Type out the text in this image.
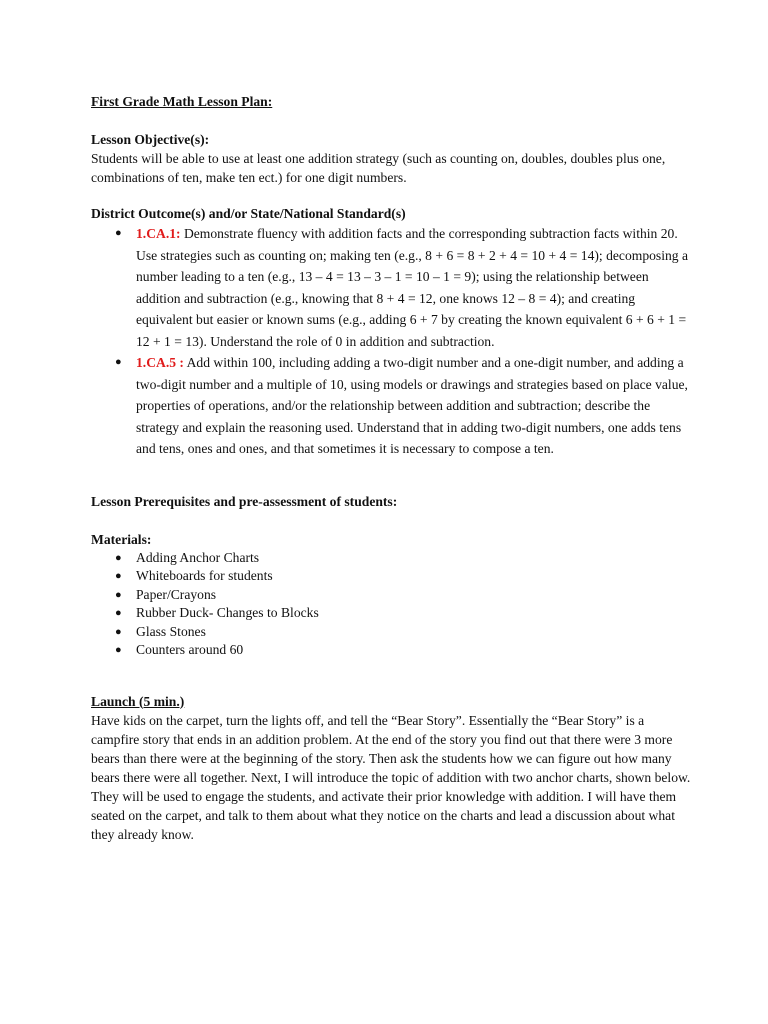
First Grade Math Lesson Plan:

Lesson Objective(s):

Students will be able to use at least one addition strategy (such as counting on, doubles, doubles plus one, combinations of ten, make ten ect.) for one digit numbers.

District Outcome(s) and/or State/National Standard(s)

● 1.CA.1: Demonstrate fluency with addition facts and the corresponding subtraction facts within 20. Use strategies such as counting on; making ten (e.g., 8 + 6 = 8 + 2 + 4 = 10 + 4 = 14); decomposing a number leading to a ten (e.g., 13 – 4 = 13 – 3 – 1 = 10 – 1 = 9); using the relationship between addition and subtraction (e.g., knowing that 8 + 4 = 12, one knows 12 – 8 = 4); and creating equivalent but easier or known sums (e.g., adding 6 + 7 by creating the known equivalent 6 + 6 + 1 = 12 + 1 = 13). Understand the role of 0 in addition and subtraction.
● 1.CA.5 : Add within 100, including adding a two-digit number and a one-digit number, and adding a two-digit number and a multiple of 10, using models or drawings and strategies based on place value, properties of operations, and/or the relationship between addition and subtraction; describe the strategy and explain the reasoning used. Understand that in adding two-digit numbers, one adds tens and tens, ones and ones, and that sometimes it is necessary to compose a ten.

Lesson Prerequisites and pre-assessment of students:

Materials:

● Adding Anchor Charts
● Whiteboards for students
● Paper/Crayons
● Rubber Duck- Changes to Blocks
● Glass Stones
● Counters around 60

Launch (5 min.)

Have kids on the carpet, turn the lights off, and tell the “Bear Story”. Essentially the “Bear Story” is a campfire story that ends in an addition problem. At the end of the story you find out that there were 3 more bears than there were at the beginning of the story. Then ask the students how we can figure out how many bears there were all together. Next, I will introduce the topic of addition with two anchor charts, shown below. They will be used to engage the students, and activate their prior knowledge with addition. I will have them seated on the carpet, and talk to them about what they notice on the charts and lead a discussion about what they already know.
